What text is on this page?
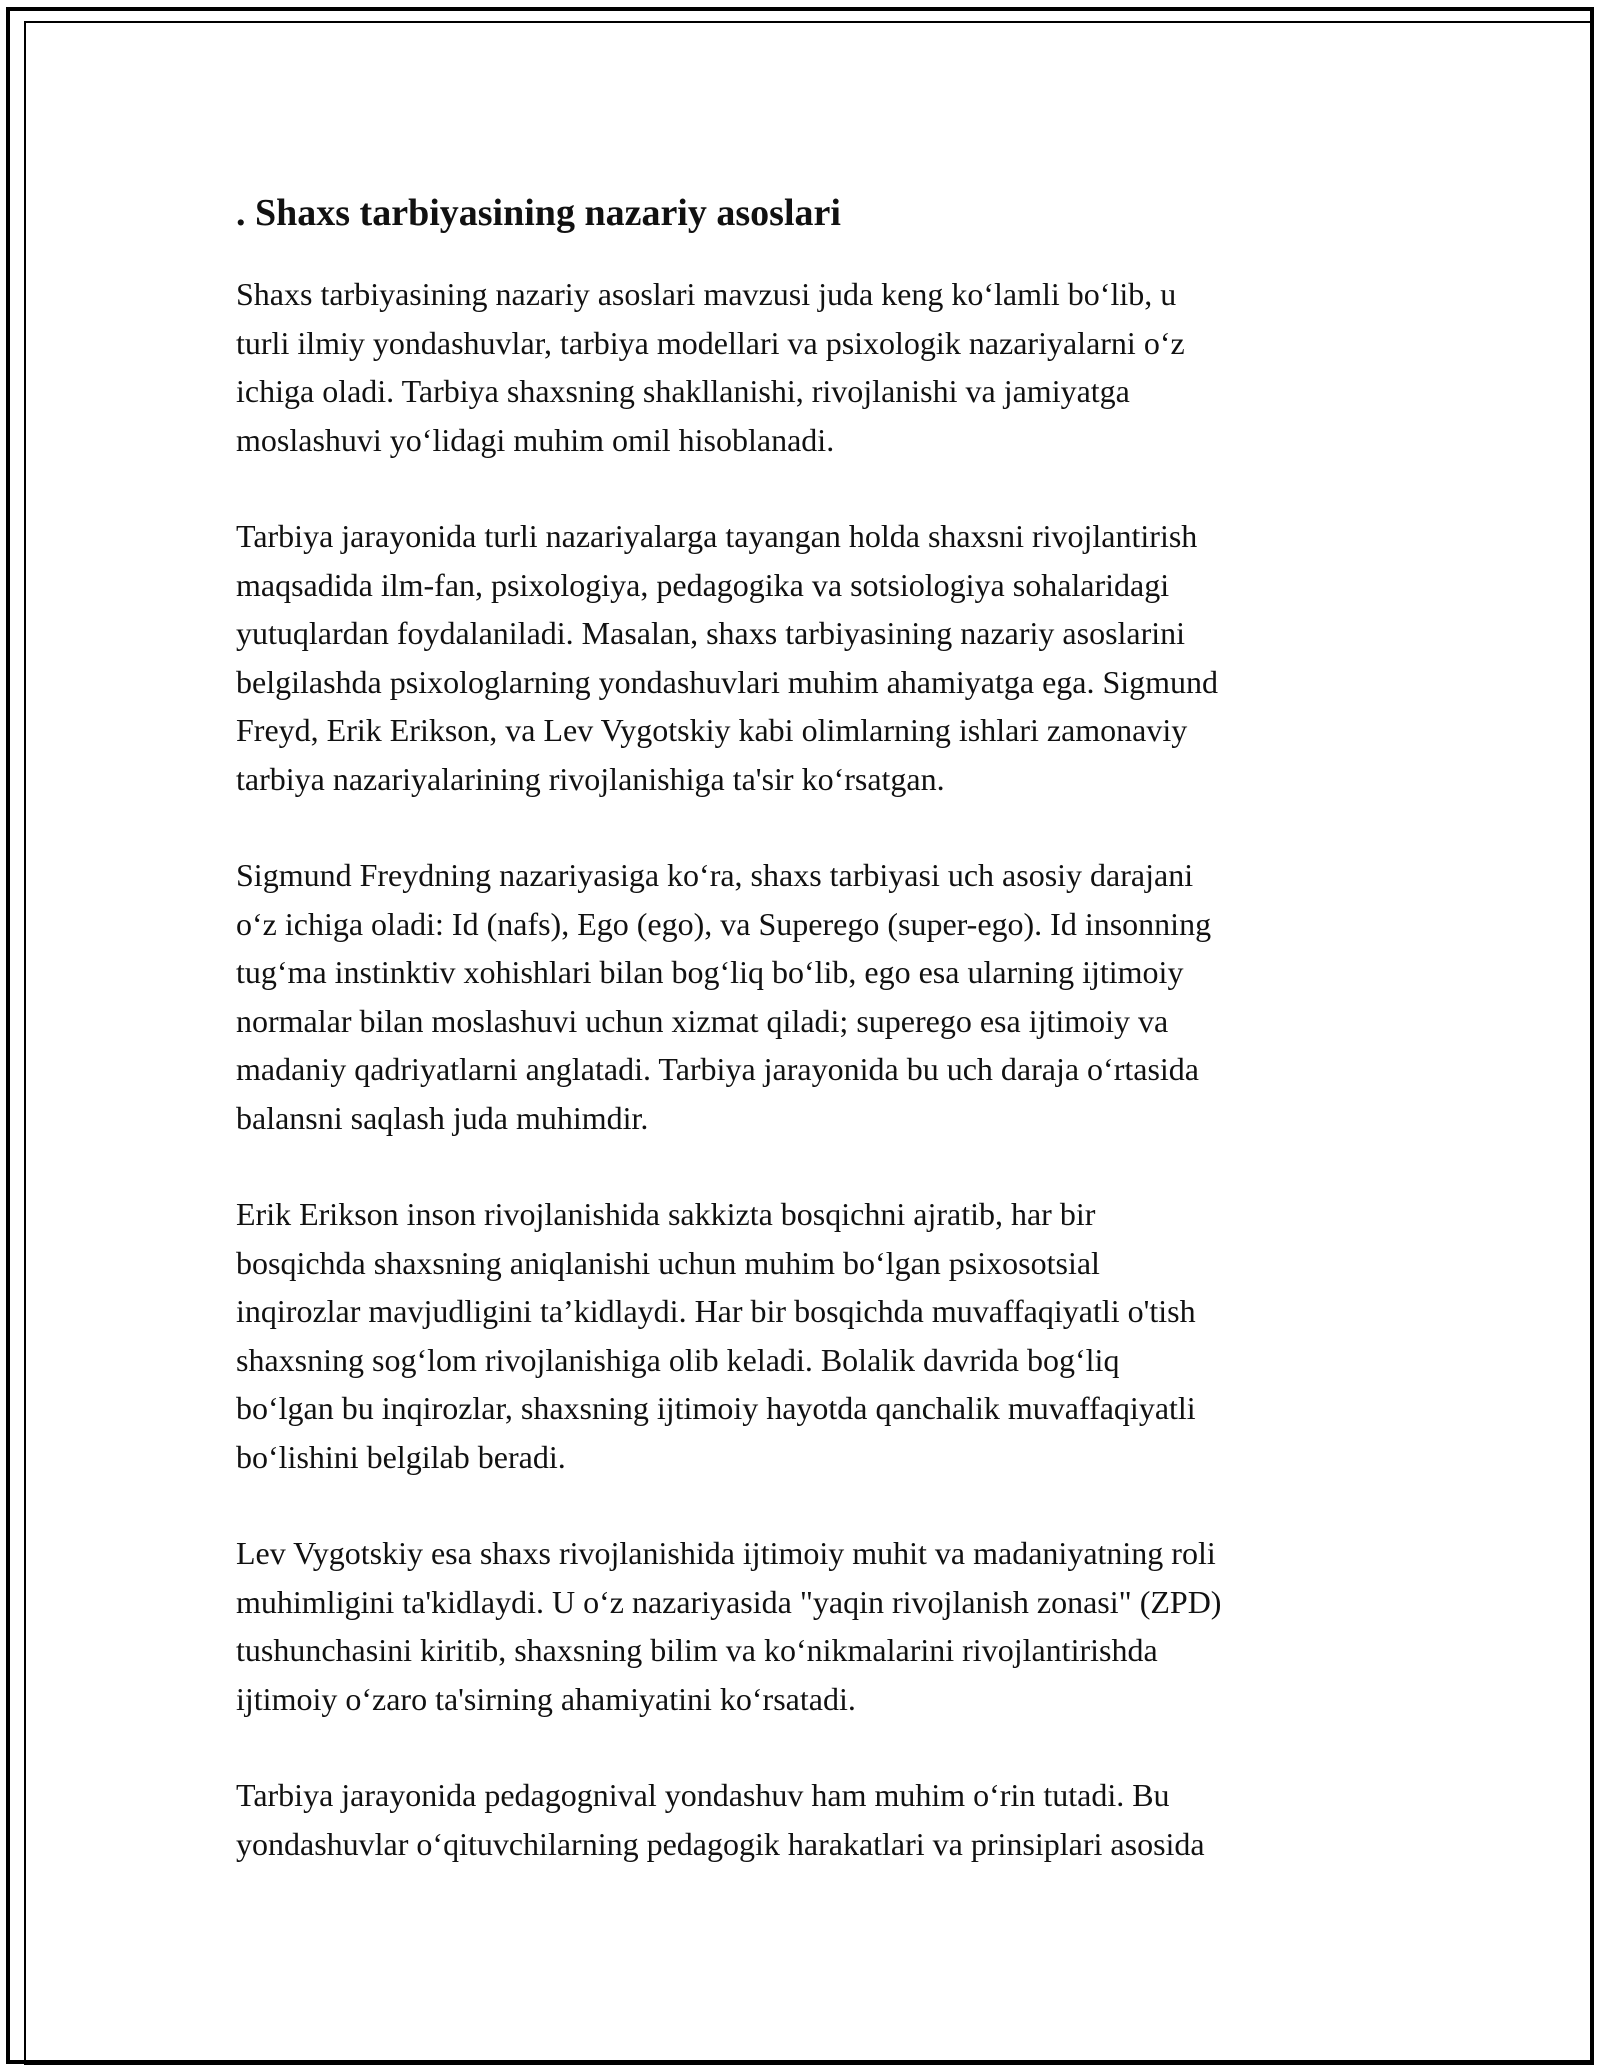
. Shaxs tarbiyasining nazariy asoslari

Shaxs tarbiyasining nazariy asoslari mavzusi juda keng koʻlamli boʻlib, u
turli ilmiy yondashuvlar, tarbiya modellari va psixologik nazariyalarni oʻz
ichiga oladi. Tarbiya shaxsning shakllanishi, rivojlanishi va jamiyatga
moslashuvi yoʻlidagi muhim omil hisoblanadi.

Tarbiya jarayonida turli nazariyalarga tayangan holda shaxsni rivojlantirish
maqsadida ilm-fan, psixologiya, pedagogika va sotsiologiya sohalaridagi
yutuqlardan foydalaniladi. Masalan, shaxs tarbiyasining nazariy asoslarini
belgilashda psixologlarning yondashuvlari muhim ahamiyatga ega. Sigmund
Freyd, Erik Erikson, va Lev Vygotskiy kabi olimlarning ishlari zamonaviy
tarbiya nazariyalarining rivojlanishiga ta'sir koʻrsatgan.

Sigmund Freydning nazariyasiga koʻra, shaxs tarbiyasi uch asosiy darajani
oʻz ichiga oladi: Id (nafs), Ego (ego), va Superego (super-ego). Id insonning
tugʻma instinktiv xohishlari bilan bogʻliq boʻlib, ego esa ularning ijtimoiy
normalar bilan moslashuvi uchun xizmat qiladi; superego esa ijtimoiy va
madaniy qadriyatlarni anglatadi. Tarbiya jarayonida bu uch daraja oʻrtasida
balansni saqlash juda muhimdir.

Erik Erikson inson rivojlanishida sakkizta bosqichni ajratib, har bir
bosqichda shaxsning aniqlanishi uchun muhim boʻlgan psixosotsial
inqirozlar mavjudligini ta’kidlaydi. Har bir bosqichda muvaffaqiyatli o'tish
shaxsning sogʻlom rivojlanishiga olib keladi. Bolalik davrida bogʻliq
boʻlgan bu inqirozlar, shaxsning ijtimoiy hayotda qanchalik muvaffaqiyatli
boʻlishini belgilab beradi.

Lev Vygotskiy esa shaxs rivojlanishida ijtimoiy muhit va madaniyatning roli
muhimligini ta'kidlaydi. U oʻz nazariyasida "yaqin rivojlanish zonasi" (ZPD)
tushunchasini kiritib, shaxsning bilim va koʻnikmalarini rivojlantirishda
ijtimoiy oʻzaro ta'sirning ahamiyatini koʻrsatadi.

Tarbiya jarayonida pedagognival yondashuv ham muhim oʻrin tutadi. Bu
yondashuvlar oʻqituvchilarning pedagogik harakatlari va prinsiplari asosida
